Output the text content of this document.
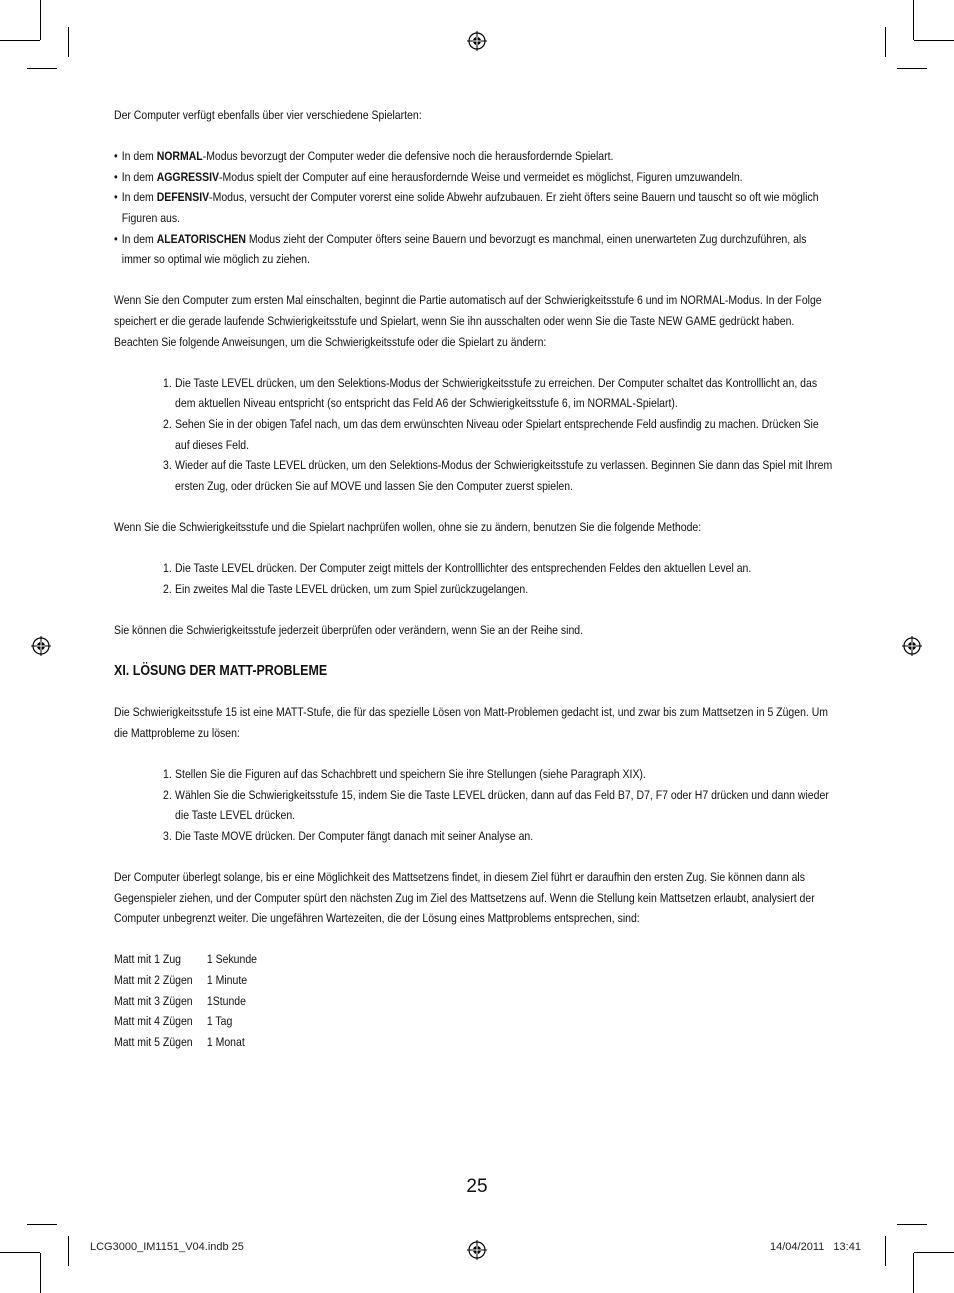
Der Computer verfügt ebenfalls über vier verschiedene Spielarten:

• In dem NORMAL-Modus bevorzugt der Computer weder die defensive noch die herausfordernde Spielart.
• In dem AGGRESSIV-Modus spielt der Computer auf eine herausfordernde Weise und vermeidet es möglichst, Figuren umzuwandeln.
• In dem DEFENSIV-Modus, versucht der Computer vorerst eine solide Abwehr aufzubauen. Er zieht öfters seine Bauern und tauscht so oft wie möglich Figuren aus.
• In dem ALEATORISCHEN Modus zieht der Computer öfters seine Bauern und bevorzugt es manchmal, einen unerwarteten Zug durchzuführen, als immer so optimal wie möglich zu ziehen.

Wenn Sie den Computer zum ersten Mal einschalten, beginnt die Partie automatisch auf der Schwierigkeitsstufe 6 und im NORMAL-Modus. In der Folge speichert er die gerade laufende Schwierigkeitsstufe und Spielart, wenn Sie ihn ausschalten oder wenn Sie die Taste NEW GAME gedrückt haben. Beachten Sie folgende Anweisungen, um die Schwierigkeitsstufe oder die Spielart zu ändern:

1. Die Taste LEVEL drücken, um den Selektions-Modus der Schwierigkeitsstufe zu erreichen. Der Computer schaltet das Kontrolllicht an, das dem aktuellen Niveau entspricht (so entspricht das Feld A6 der Schwierigkeitsstufe 6, im NORMAL-Spielart).
2. Sehen Sie in der obigen Tafel nach, um das dem erwünschten Niveau oder Spielart entsprechende Feld ausfindig zu machen. Drücken Sie auf dieses Feld.
3. Wieder auf die Taste LEVEL drücken, um den Selektions-Modus der Schwierigkeitsstufe zu verlassen. Beginnen Sie dann das Spiel mit Ihrem ersten Zug, oder drücken Sie auf MOVE und lassen Sie den Computer zuerst spielen.

Wenn Sie die Schwierigkeitsstufe und die Spielart nachprüfen wollen, ohne sie zu ändern, benutzen Sie die folgende Methode:

1. Die Taste LEVEL drücken. Der Computer zeigt mittels der Kontrolllichter des entsprechenden Feldes den aktuellen Level an.
2. Ein zweites Mal die Taste LEVEL drücken, um zum Spiel zurückzugelangen.

Sie können die Schwierigkeitsstufe jederzeit überprüfen oder verändern, wenn Sie an der Reihe sind.

XI. LÖSUNG DER MATT-PROBLEME

Die Schwierigkeitsstufe 15 ist eine MATT-Stufe, die für das spezielle Lösen von Matt-Problemen gedacht ist, und zwar bis zum Mattsetzen in 5 Zügen. Um die Mattprobleme zu lösen:

1. Stellen Sie die Figuren auf das Schachbrett und speichern Sie ihre Stellungen (siehe Paragraph XIX).
2. Wählen Sie die Schwierigkeitsstufe 15, indem Sie die Taste LEVEL drücken, dann auf das Feld B7, D7, F7 oder H7 drücken und dann wieder die Taste LEVEL drücken.
3. Die Taste MOVE drücken. Der Computer fängt danach mit seiner Analyse an.

Der Computer überlegt solange, bis er eine Möglichkeit des Mattsetzens findet, in diesem Ziel führt er daraufhin den ersten Zug. Sie können dann als Gegenspieler ziehen, und der Computer spürt den nächsten Zug im Ziel des Mattsetzens auf. Wenn die Stellung kein Mattsetzen erlaubt, analysiert der Computer unbegrenzt weiter. Die ungefähren Wartezeiten, die der Lösung eines Mattproblems entsprechen, sind:

Matt mit 1 Zug	1 Sekunde
Matt mit 2 Zügen	1 Minute
Matt mit 3 Zügen	1Stunde
Matt mit 4 Zügen	1 Tag
Matt mit 5 Zügen	1 Monat
25
LCG3000_IM1151_V04.indb 25	14/04/2011 13:41
